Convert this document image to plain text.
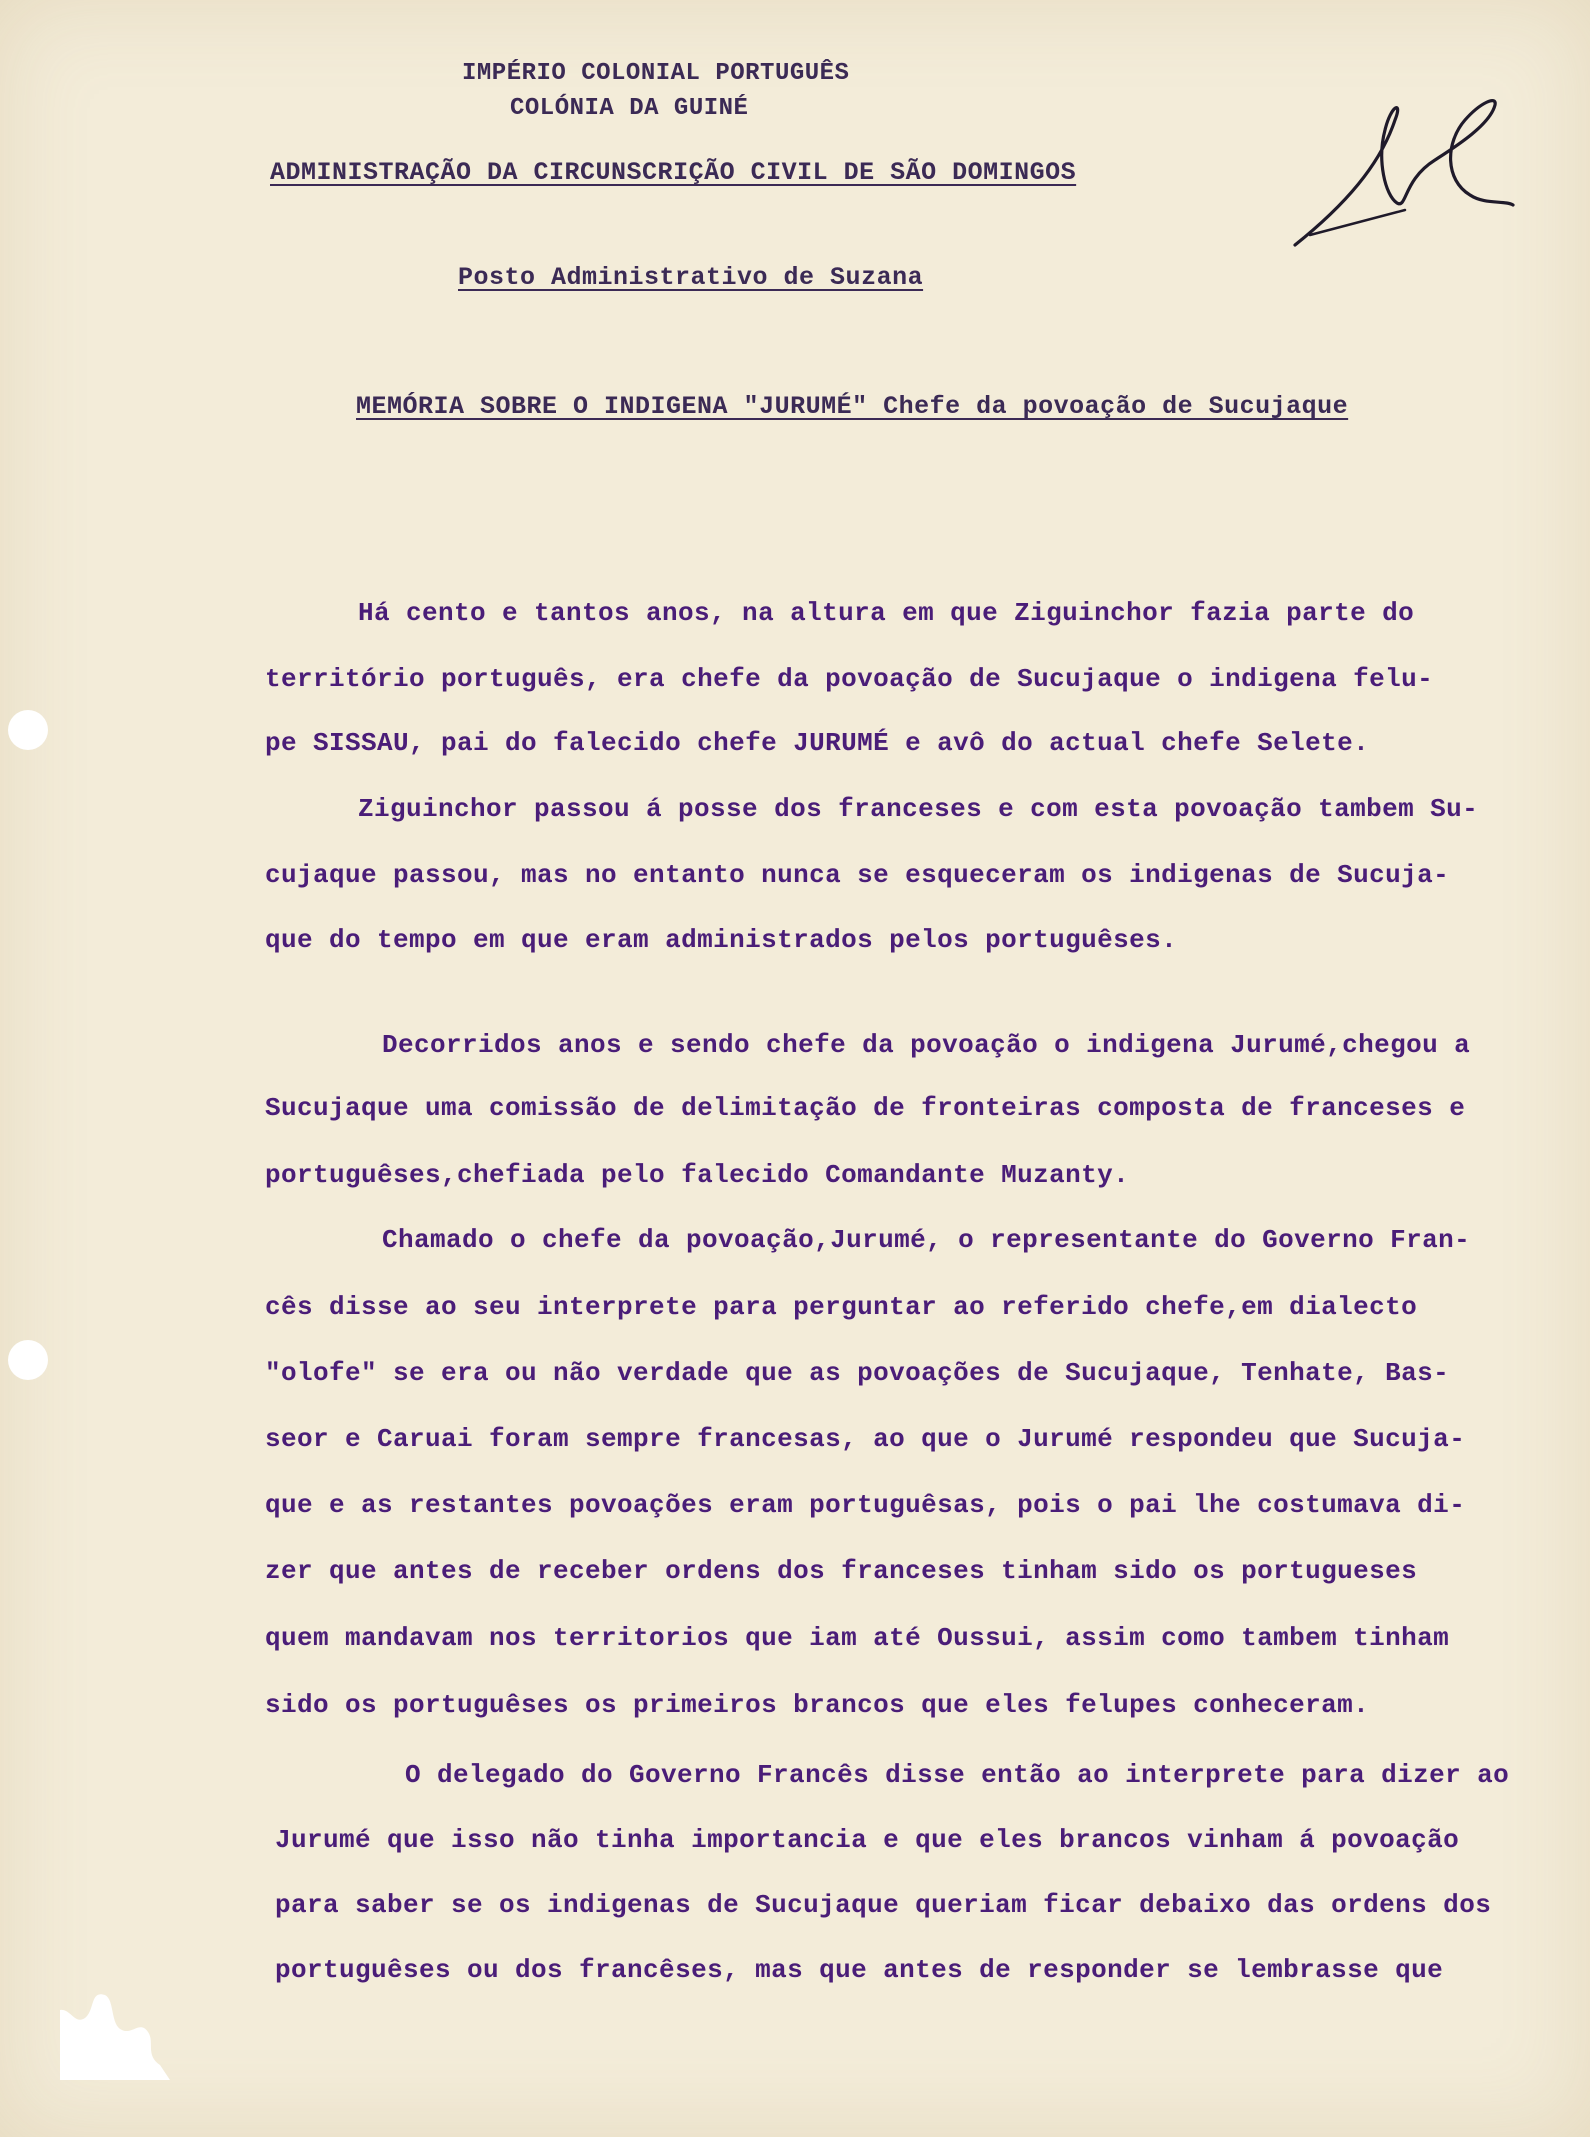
IMPÉRIO COLONIAL PORTUGUÊS
COLÓNIA DA GUINÉ
ADMINISTRAÇÃO DA CIRCUNSCRIÇÃO CIVIL DE SÃO DOMINGOS
Posto Administrativo de Suzana
MEMÓRIA SOBRE O INDIGENA "JURUMÉ" Chefe da povoação de Sucujaque
Há cento e tantos anos, na altura em que Ziguinchor fazia parte do
território português, era chefe da povoação de Sucujaque o indigena felu-
pe SISSAU, pai do falecido chefe JURUMÉ e avô do actual chefe Selete.
Ziguinchor passou á posse dos franceses e com esta povoação tambem Su-
cujaque passou, mas no entanto nunca se esqueceram os indigenas de Sucuja-
que do tempo em que eram administrados pelos portuguêses.
Decorridos anos e sendo chefe da povoação o indigena Jurumé,chegou a
Sucujaque uma comissão de delimitação de fronteiras composta de franceses e
portuguêses,chefiada pelo falecido Comandante Muzanty.
Chamado o chefe da povoação,Jurumé, o representante do Governo Fran-
cês disse ao seu interprete para perguntar ao referido chefe,em dialecto
"olofe" se era ou não verdade que as povoações de Sucujaque, Tenhate, Bas-
seor e Caruai foram sempre francesas, ao que o Jurumé respondeu que Sucuja-
que e as restantes povoações eram portuguêsas, pois o pai lhe costumava di-
zer que antes de receber ordens dos franceses tinham sido os portugueses
quem mandavam nos territorios que iam até Oussui, assim como tambem tinham
sido os portuguêses os primeiros brancos que eles felupes conheceram.
O delegado do Governo Francês disse então ao interprete para dizer ao
Jurumé que isso não tinha importancia e que eles brancos vinham á povoação
para saber se os indigenas de Sucujaque queriam ficar debaixo das ordens dos
portuguêses ou dos francêses, mas que antes de responder se lembrasse que
